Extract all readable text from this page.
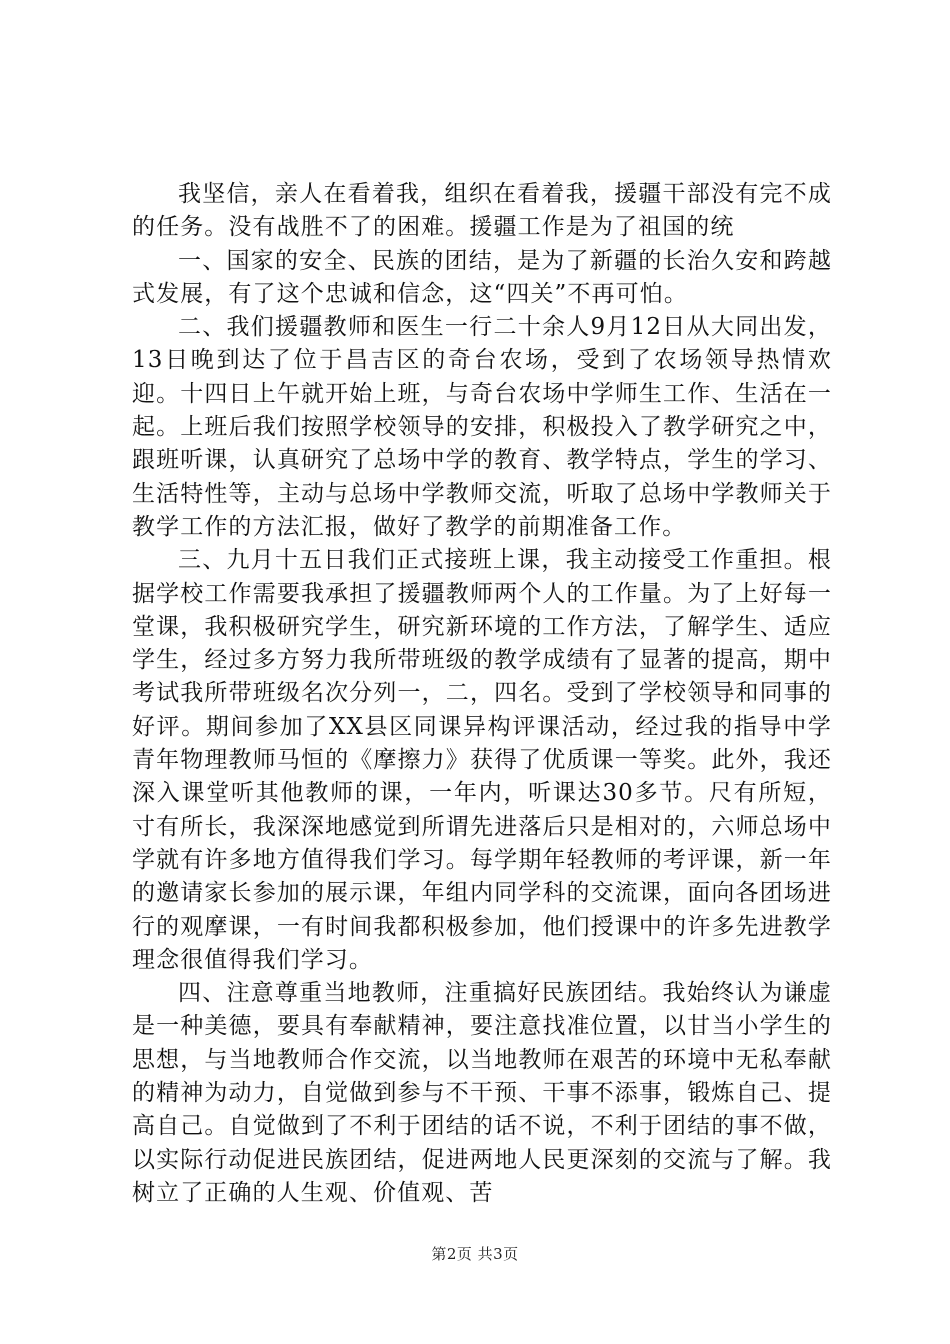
我坚信，亲人在看着我，组织在看着我，援疆干部没有完不成的任务。没有战胜不了的困难。援疆工作是为了祖国的统

一、国家的安全、民族的团结，是为了新疆的长治久安和跨越式发展，有了这个忠诚和信念，这“四关”不再可怕。

二、我们援疆教师和医生一行二十余人9月12日从大同出发，13日晚到达了位于昌吉区的奇台农场，受到了农场领导热情欢迎。十四日上午就开始上班，与奇台农场中学师生工作、生活在一起。上班后我们按照学校领导的安排，积极投入了教学研究之中，跟班听课，认真研究了总场中学的教育、教学特点，学生的学习、生活特性等，主动与总场中学教师交流，听取了总场中学教师关于教学工作的方法汇报，做好了教学的前期准备工作。

三、九月十五日我们正式接班上课，我主动接受工作重担。根据学校工作需要我承担了援疆教师两个人的工作量。为了上好每一堂课，我积极研究学生，研究新环境的工作方法，了解学生、适应学生，经过多方努力我所带班级的教学成绩有了显著的提高，期中考试我所带班级名次分列一，二，四名。受到了学校领导和同事的好评。期间参加了XX县区同课异构评课活动，经过我的指导中学青年物理教师马恒的《摩擦力》获得了优质课一等奖。此外，我还深入课堂听其他教师的课，一年内，听课达30多节。尺有所短，寸有所长，我深深地感觉到所谓先进落后只是相对的，六师总场中学就有许多地方值得我们学习。每学期年轻教师的考评课，新一年的邀请家长参加的展示课，年组内同学科的交流课，面向各团场进行的观摩课，一有时间我都积极参加，他们授课中的许多先进教学理念很值得我们学习。

四、注意尊重当地教师，注重搞好民族团结。我始终认为谦虚是一种美德，要具有奉献精神，要注意找准位置，以甘当小学生的思想，与当地教师合作交流，以当地教师在艰苦的环境中无私奉献的精神为动力，自觉做到参与不干预、干事不添事，锻炼自己、提高自己。自觉做到了不利于团结的话不说，不利于团结的事不做，以实际行动促进民族团结，促进两地人民更深刻的交流与了解。我树立了正确的人生观、价值观、苦

第2页 共3页
